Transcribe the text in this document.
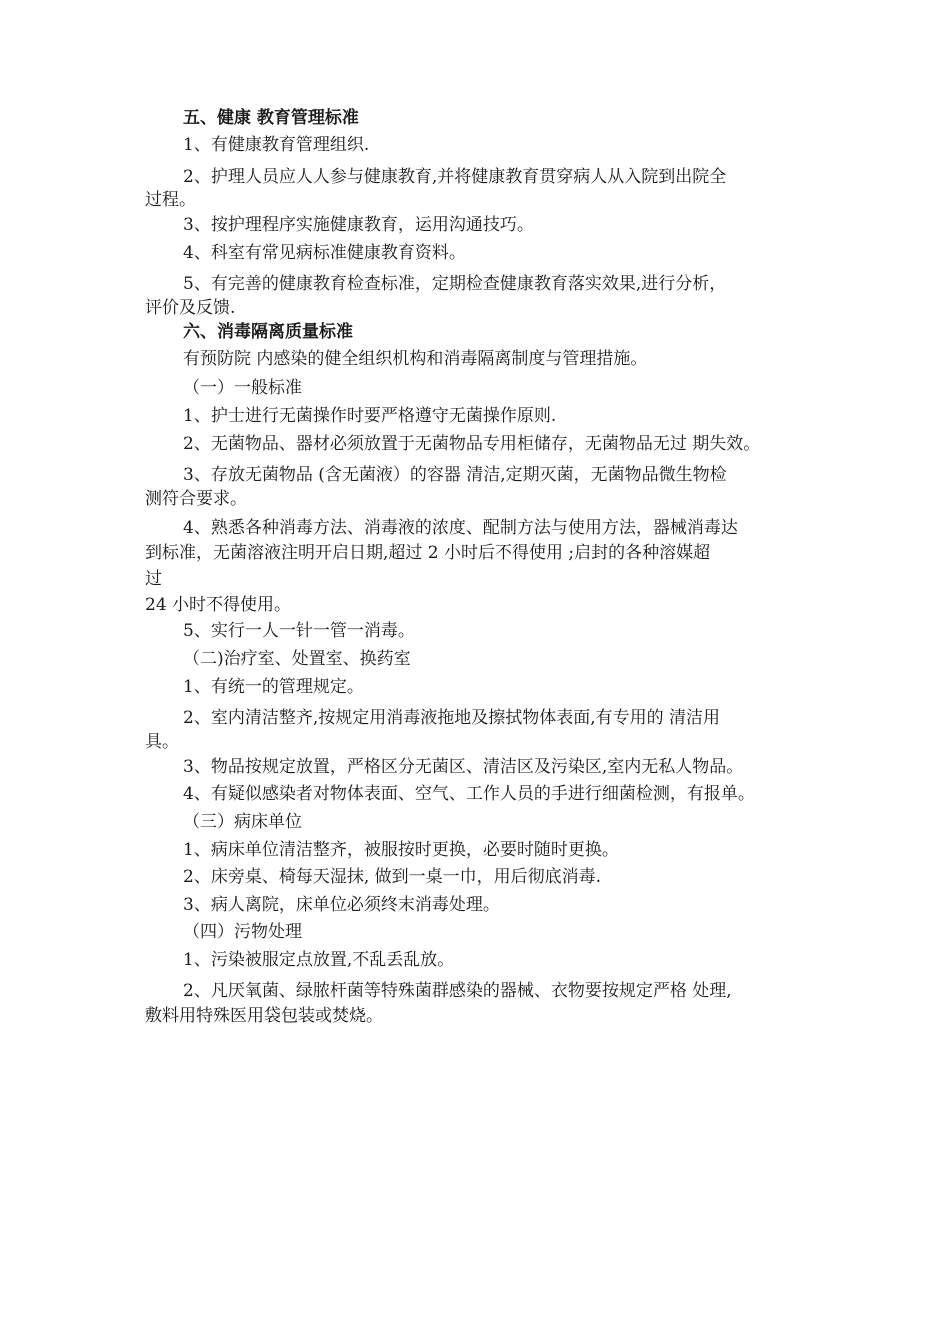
五、健康 教育管理标准
1、有健康教育管理组织.
2、护理人员应人人参与健康教育,并将健康教育贯穿病人从入院到出院全
过程。
3、按护理程序实施健康教育，运用沟通技巧。
4、科室有常见病标准健康教育资料。
5、有完善的健康教育检查标准，定期检查健康教育落实效果,进行分析，
评价及反馈.
六、消毒隔离质量标准
有预防院 内感染的健全组织机构和消毒隔离制度与管理措施。
（一）一般标准
1、护士进行无菌操作时要严格遵守无菌操作原则.
2、无菌物品、器材必须放置于无菌物品专用柜储存，无菌物品无过 期失效。
3、存放无菌物品 (含无菌液）的容器 清洁,定期灭菌，无菌物品微生物检
测符合要求。
4、熟悉各种消毒方法、消毒液的浓度、配制方法与使用方法，器械消毒达
到标准，无菌溶液注明开启日期,超过 2 小时后不得使用 ;启封的各种溶媒超
过
24 小时不得使用。
5、实行一人一针一管一消毒。
（二)治疗室、处置室、换药室
1、有统一的管理规定。
2、室内清洁整齐,按规定用消毒液拖地及擦拭物体表面,有专用的 清洁用
具。
3、物品按规定放置，严格区分无菌区、清洁区及污染区,室内无私人物品。
4、有疑似感染者对物体表面、空气、工作人员的手进行细菌检测，有报单。
（三）病床单位
1、病床单位清洁整齐，被服按时更换，必要时随时更换。
2、床旁桌、椅每天湿抹, 做到一桌一巾，用后彻底消毒.
3、病人离院，床单位必须终末消毒处理。
（四）污物处理
1、污染被服定点放置,不乱丢乱放。
2、凡厌氧菌、绿脓杆菌等特殊菌群感染的器械、衣物要按规定严格 处理,
敷料用特殊医用袋包装或焚烧。
